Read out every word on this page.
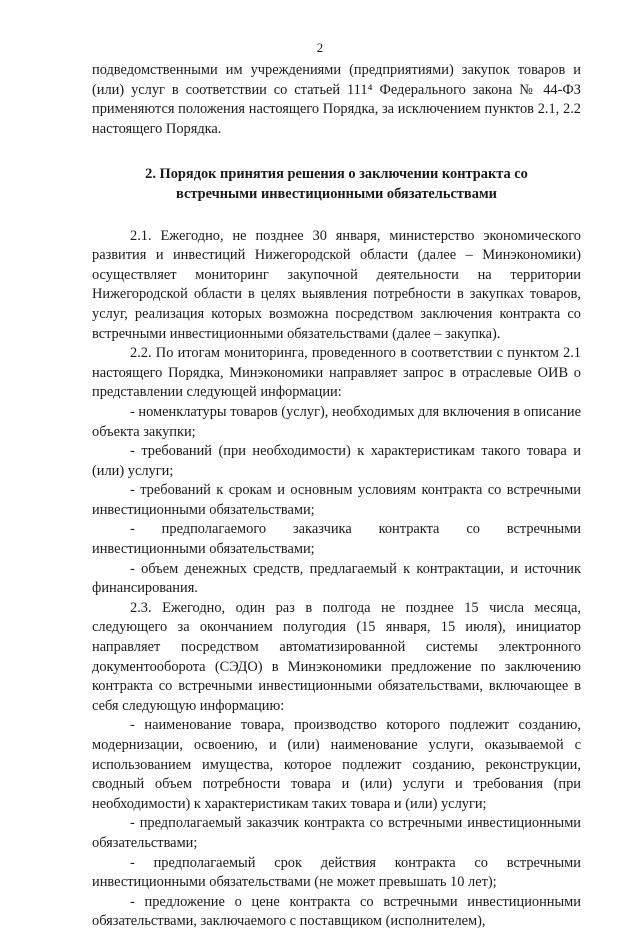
2

подведомственными им учреждениями (предприятиями) закупок товаров и (или) услуг в соответствии со статьей 111⁴ Федерального закона № 44-ФЗ применяются положения настоящего Порядка, за исключением пунктов 2.1, 2.2 настоящего Порядка.

2. Порядок принятия решения о заключении контракта со
встречными инвестиционными обязательствами

2.1. Ежегодно, не позднее 30 января, министерство экономического развития и инвестиций Нижегородской области (далее – Минэкономики) осуществляет мониторинг закупочной деятельности на территории Нижегородской области в целях выявления потребности в закупках товаров, услуг, реализация которых возможна посредством заключения контракта со встречными инвестиционными обязательствами (далее – закупка).

2.2. По итогам мониторинга, проведенного в соответствии с пунктом 2.1 настоящего Порядка, Минэкономики направляет запрос в отраслевые ОИВ о представлении следующей информации:

- номенклатуры товаров (услуг), необходимых для включения в описание объекта закупки;

- требований (при необходимости) к характеристикам такого товара и (или) услуги;

- требований к срокам и основным условиям контракта со встречными инвестиционными обязательствами;

- предполагаемого заказчика контракта со встречными инвестиционными обязательствами;

- объем денежных средств, предлагаемый к контрактации, и источник финансирования.

2.3. Ежегодно, один раз в полгода не позднее 15 числа месяца, следующего за окончанием полугодия (15 января, 15 июля), инициатор направляет посредством автоматизированной системы электронного документооборота (СЭДО) в Минэкономики предложение по заключению контракта со встречными инвестиционными обязательствами, включающее в себя следующую информацию:

- наименование товара, производство которого подлежит созданию, модернизации, освоению, и (или) наименование услуги, оказываемой с использованием имущества, которое подлежит созданию, реконструкции, сводный объем потребности товара и (или) услуги и требования (при необходимости) к характеристикам таких товара и (или) услуги;

- предполагаемый заказчик контракта со встречными инвестиционными обязательствами;

- предполагаемый срок действия контракта со встречными инвестиционными обязательствами (не может превышать 10 лет);

- предложение о цене контракта со встречными инвестиционными обязательствами, заключаемого с поставщиком (исполнителем),
